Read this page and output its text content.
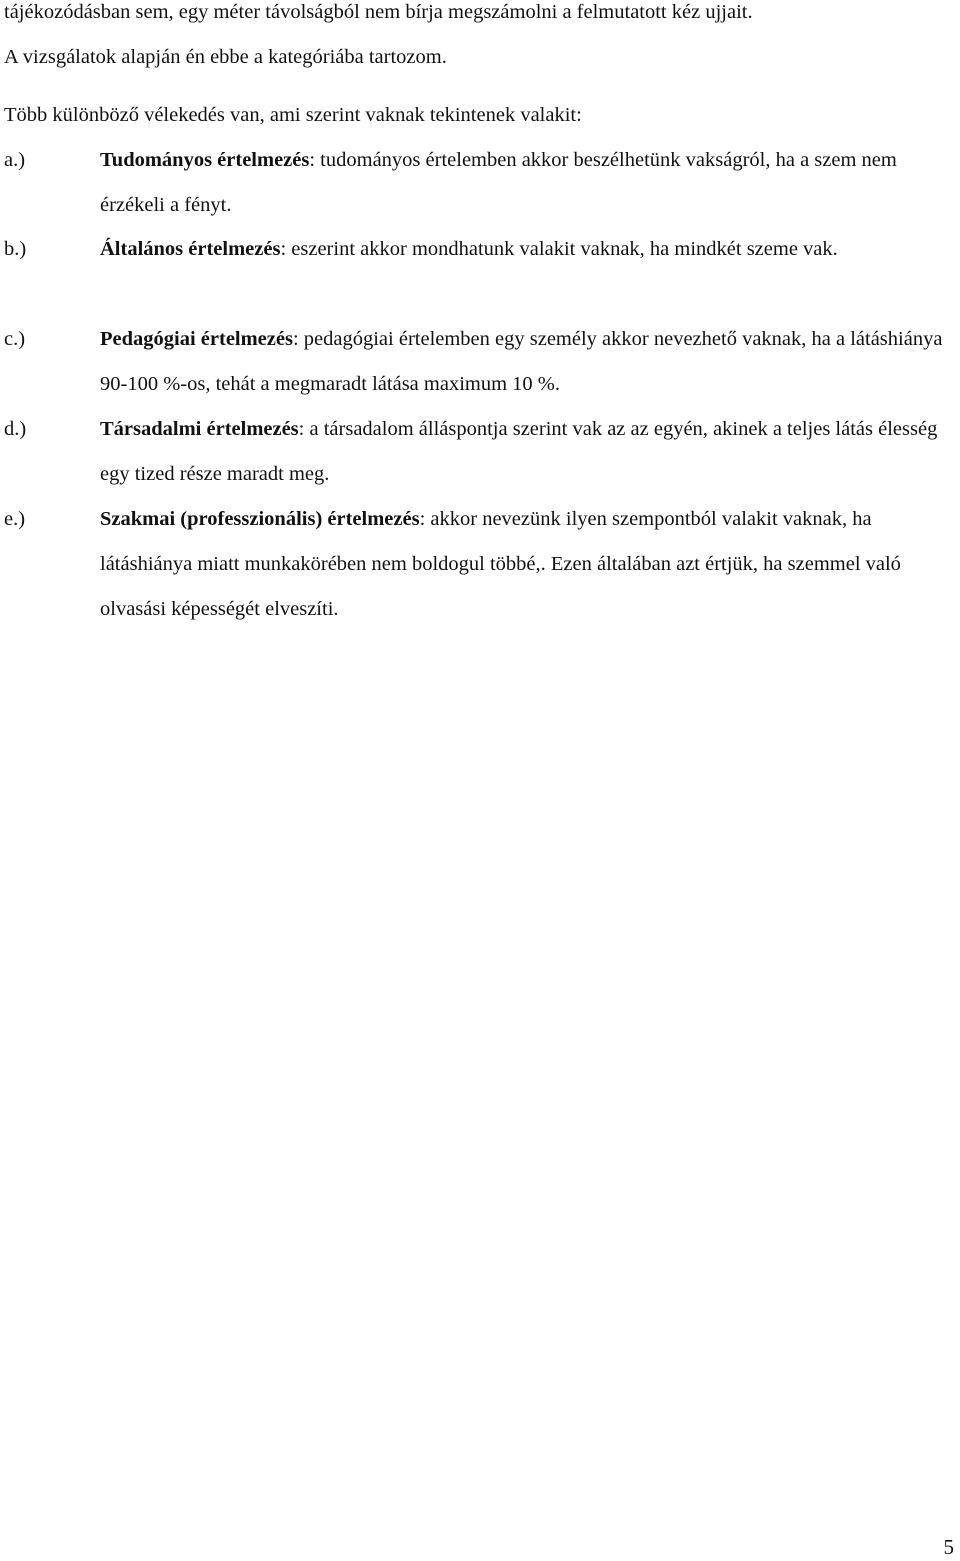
tájékozódásban sem, egy méter távolságból nem bírja megszámolni a felmutatott kéz ujjait.
A vizsgálatok alapján én ebbe a kategóriába tartozom.
Több különböző vélekedés van, ami szerint vaknak tekintenek valakit:
a.)	Tudományos értelmezés: tudományos értelemben akkor beszélhetünk vakságról, ha a szem nem érzékeli a fényt.
b.)	Általános értelmezés: eszerint akkor mondhatunk valakit vaknak, ha mindkét szeme vak.
c.)	Pedagógiai értelmezés: pedagógiai értelemben egy személy akkor nevezhető vaknak, ha a látáshiánya 90-100 %-os, tehát a megmaradt látása maximum 10 %.
d.)	Társadalmi értelmezés: a társadalom álláspontja szerint vak az az egyén, akinek a teljes látás élesség egy tized része maradt meg.
e.)	Szakmai (professzionális) értelmezés: akkor nevezünk ilyen szempontból valakit vaknak, ha látáshiánya miatt munkakörében nem boldogul többé,. Ezen általában azt értjük, ha szemmel való olvasási képességét elveszíti.
5
